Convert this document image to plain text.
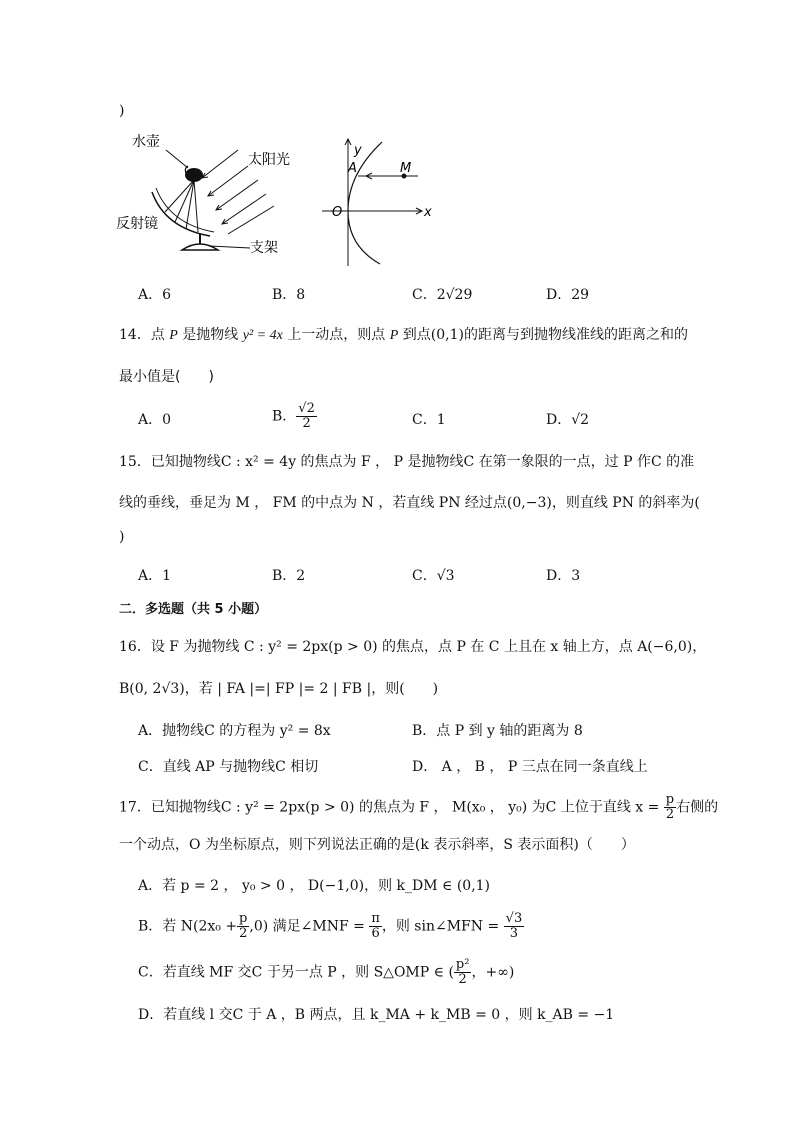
)
水壶
太阳光
反射镜
支架
y
x
O
A	M
A．6	B．8	C．2√29	D．29
14．点 P 是抛物线 y² = 4x 上一动点，则点 P 到点(0,1)的距离与到抛物线准线的距离之和的
最小值是(　　)
A．0	B． $\frac{√2}{2}$	C．1	D．√2
15．已知抛物线C : x² = 4y 的焦点为 F ， P 是抛物线C 在第一象限的一点，过 P 作C 的准
线的垂线，垂足为 M ， FM 的中点为 N ，若直线 PN 经过点(0,−3)，则直线 PN 的斜率为(
)
A．1	B．2	C．√3	D．3
二．多选题（共 5 小题）
16．设 F 为抛物线 C : y² = 2px(p > 0) 的焦点，点 P 在 C 上且在 x 轴上方，点 A(−6,0)，
B(0, 2√3)，若 | FA |=| FP |= 2 | FB |，则(　　)
A．抛物线C 的方程为 y² = 8x	B．点 P 到 y 轴的距离为 8
C．直线 AP 与抛物线C 相切	D． A ， B ， P 三点在同一条直线上
17．已知抛物线C : y² = 2px(p > 0) 的焦点为 F ， M(x₀ ， y₀) 为C 上位于直线 $x = \frac{p}{2}$ 右侧的
一个动点，O 为坐标原点，则下列说法正确的是(k 表示斜率，S 表示面积)（　　）
A．若 p = 2 ， y₀ > 0 ， D(−1,0)，则 k_DM ∈ (0,1)
B．若 $N(2x_0 + \frac{p}{2} ,0)$ 满足∠MNF = $\frac{\pi}{6}$ ，则 sin∠MFN = $\frac{√3}{3}$
C．若直线 MF 交C 于另一点 P ，则 S△OMP ∈ ( $\frac{\text{p²}}{2}$ ，+∞)
D．若直线 l 交C 于 A ，B 两点，且 k_MA + k_MB = 0 ，则 k_AB = −1
